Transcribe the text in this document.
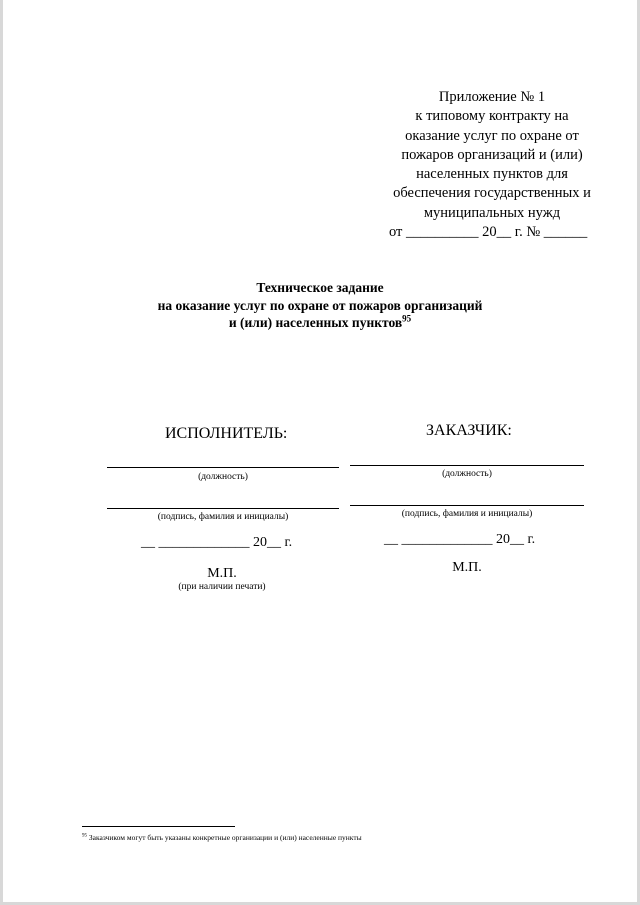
Приложение № 1
к типовому контракту на
оказание услуг по охране от
пожаров организаций и (или)
населенных пунктов для
обеспечения государственных и
муниципальных нужд
от __________ 20__ г. № ______
Техническое задание
на оказание услуг по охране от пожаров организаций
и (или) населенных пунктов$^{95}$
ИСПОЛНИТЕЛЬ:
(должность)
(подпись, фамилия и инициалы)
__ _____________ 20__ г.
М.П.
(при наличии печати)
ЗАКАЗЧИК:
(должность)
(подпись, фамилия и инициалы)
__ _____________ 20__ г.
М.П.
$^{95}$ Заказчиком могут быть указаны конкретные организации и (или) населенные пункты
